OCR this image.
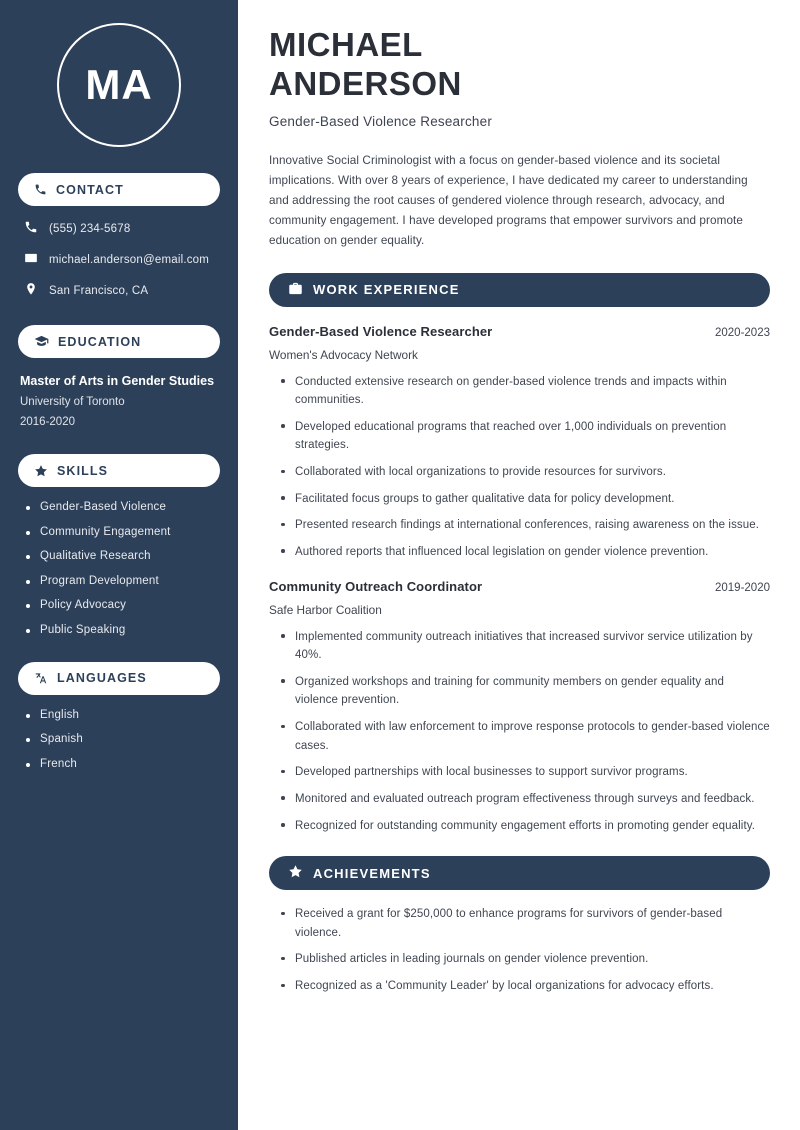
MA
CONTACT
(555) 234-5678
michael.anderson@email.com
San Francisco, CA
EDUCATION
Master of Arts in Gender Studies
University of Toronto
2016-2020
SKILLS
Gender-Based Violence
Community Engagement
Qualitative Research
Program Development
Policy Advocacy
Public Speaking
LANGUAGES
English
Spanish
French
MICHAEL
ANDERSON
Gender-Based Violence Researcher

Innovative Social Criminologist with a focus on gender-based violence and its societal implications. With over 8 years of experience, I have dedicated my career to understanding and addressing the root causes of gendered violence through research, advocacy, and community engagement. I have developed programs that empower survivors and promote education on gender equality.

WORK EXPERIENCE
Gender-Based Violence Researcher	2020-2023
Women's Advocacy Network
Conducted extensive research on gender-based violence trends and impacts within communities.
Developed educational programs that reached over 1,000 individuals on prevention strategies.
Collaborated with local organizations to provide resources for survivors.
Facilitated focus groups to gather qualitative data for policy development.
Presented research findings at international conferences, raising awareness on the issue.
Authored reports that influenced local legislation on gender violence prevention.
Community Outreach Coordinator	2019-2020
Safe Harbor Coalition
Implemented community outreach initiatives that increased survivor service utilization by 40%.
Organized workshops and training for community members on gender equality and violence prevention.
Collaborated with law enforcement to improve response protocols to gender-based violence cases.
Developed partnerships with local businesses to support survivor programs.
Monitored and evaluated outreach program effectiveness through surveys and feedback.
Recognized for outstanding community engagement efforts in promoting gender equality.
ACHIEVEMENTS
Received a grant for $250,000 to enhance programs for survivors of gender-based violence.
Published articles in leading journals on gender violence prevention.
Recognized as a 'Community Leader' by local organizations for advocacy efforts.
